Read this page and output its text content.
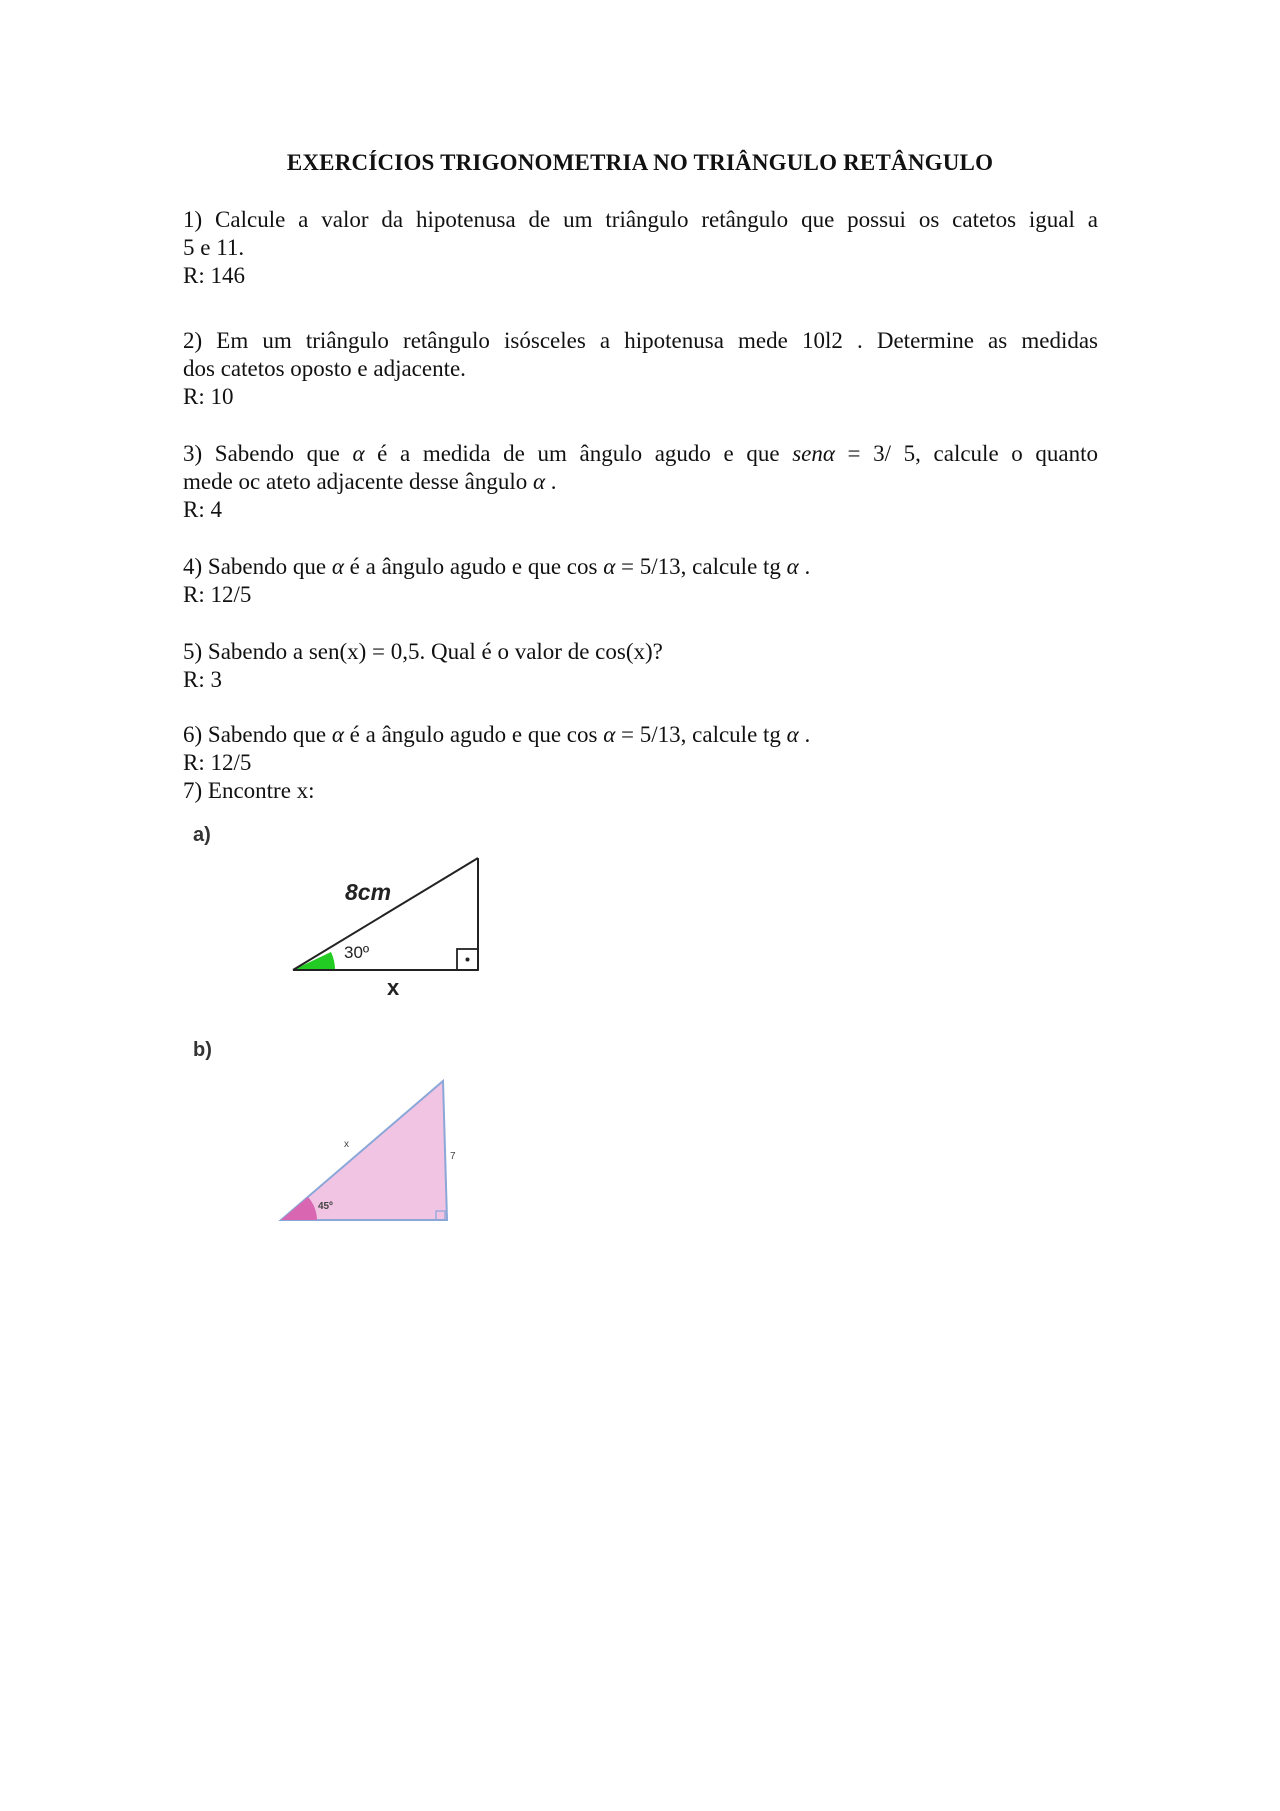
EXERCÍCIOS TRIGONOMETRIA NO TRIÂNGULO RETÂNGULO
1) Calcule a valor da hipotenusa de um triângulo retângulo que possui os catetos igual a
5 e 11.
R: 146
2) Em um triângulo retângulo isósceles a hipotenusa mede 10l2 . Determine as medidas
dos catetos oposto e adjacente.
R: 10
3) Sabendo que α é a medida de um ângulo agudo e que senα = 3/ 5, calcule o quanto
mede oc ateto adjacente desse ângulo α .
R: 4
4) Sabendo que α é a ângulo agudo e que cos α = 5/13, calcule tg α .
R: 12/5
5) Sabendo a sen(x) = 0,5. Qual é o valor de cos(x)?
R: 3
6) Sabendo que α é a ângulo agudo e que cos α = 5/13, calcule tg α .
R: 12/5
7) Encontre x:
a)
8cm
30º
x
b)
x
7
45º
